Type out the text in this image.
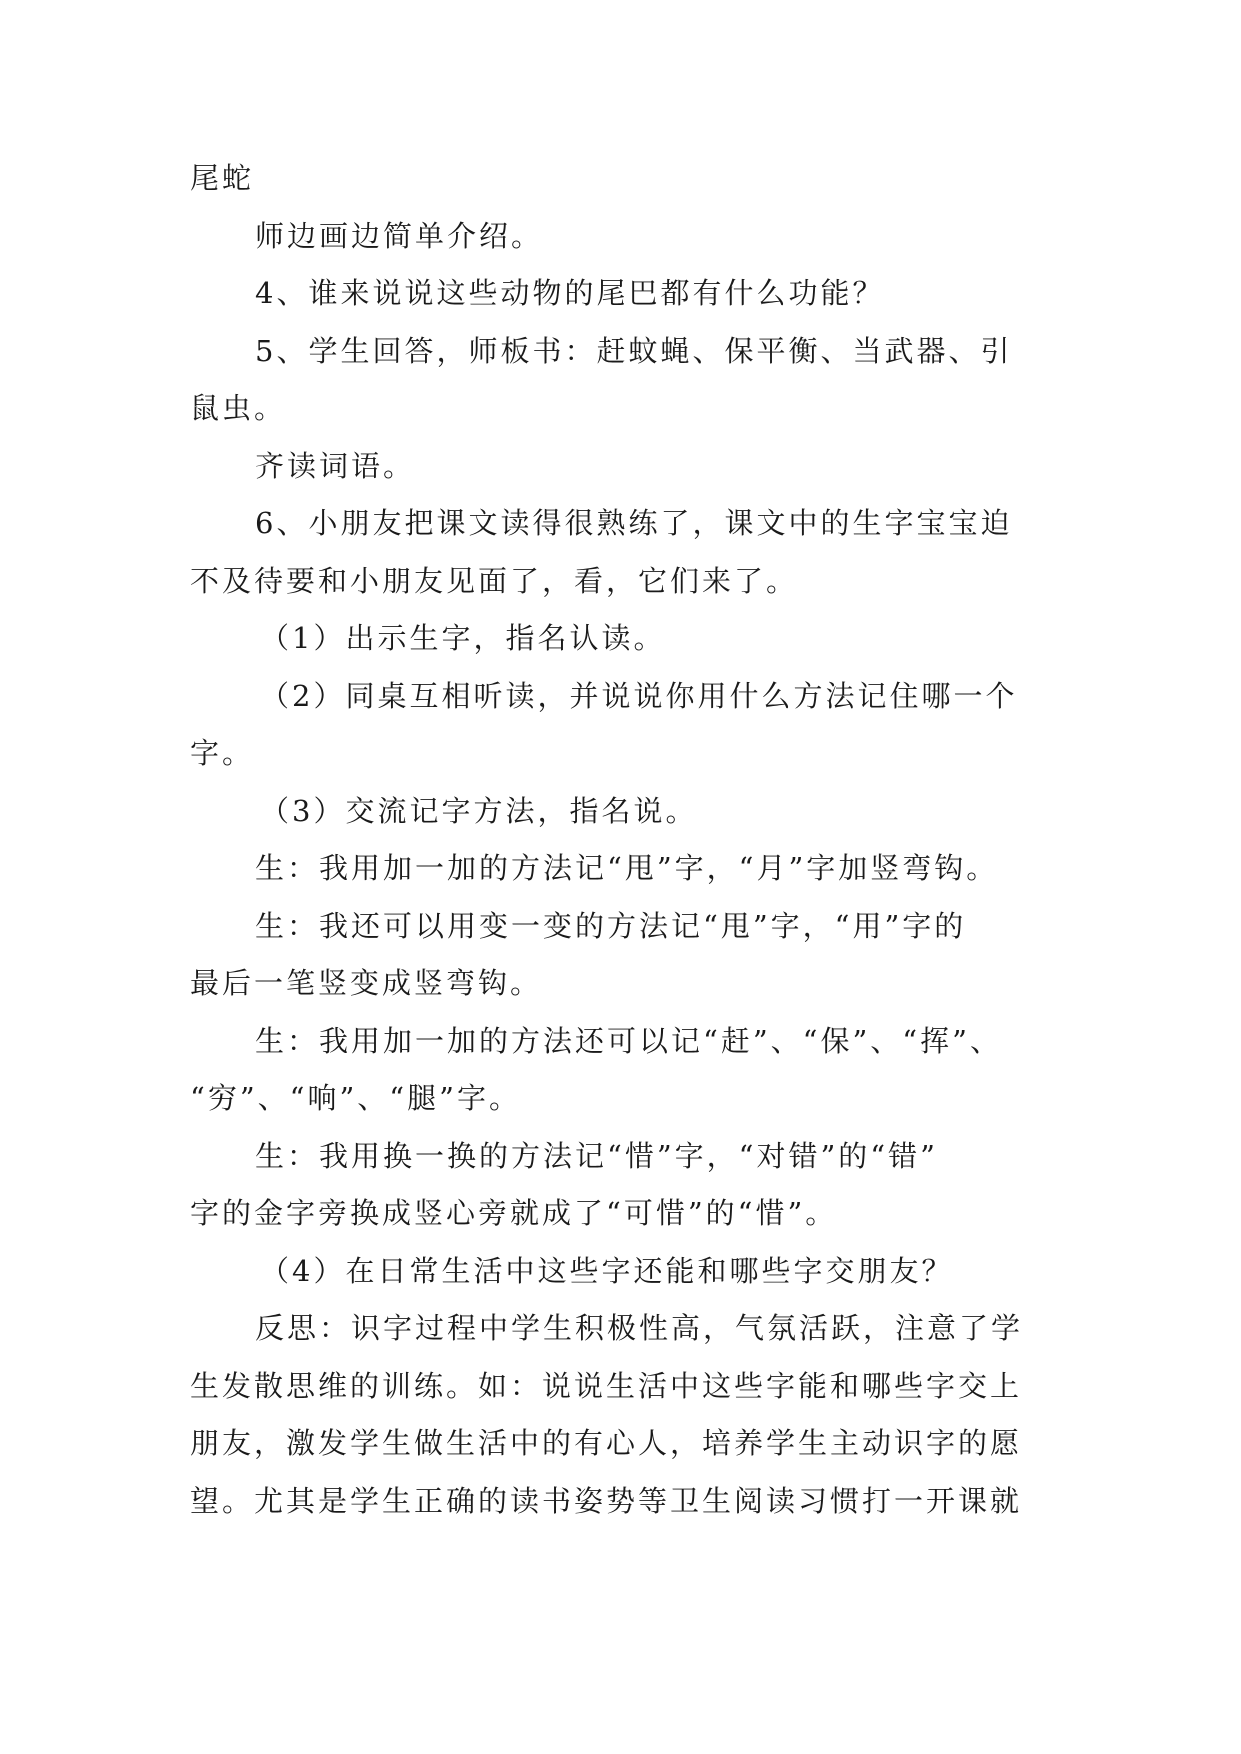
尾蛇
师边画边简单介绍。
4、谁来说说这些动物的尾巴都有什么功能？
5、学生回答，师板书：赶蚊蝇、保平衡、当武器、引
鼠虫。
齐读词语。
6、小朋友把课文读得很熟练了，课文中的生字宝宝迫
不及待要和小朋友见面了，看，它们来了。
（1）出示生字，指名认读。
（2）同桌互相听读，并说说你用什么方法记住哪一个
字。
（3）交流记字方法，指名说。
生：我用加一加的方法记“甩”字，“月”字加竖弯钩。
生：我还可以用变一变的方法记“甩”字，“用”字的
最后一笔竖变成竖弯钩。
生：我用加一加的方法还可以记“赶”、“保”、“挥”、
“穷”、“响”、“腿”字。
生：我用换一换的方法记“惜”字，“对错”的“错”
字的金字旁换成竖心旁就成了“可惜”的“惜”。
（4）在日常生活中这些字还能和哪些字交朋友？
反思：识字过程中学生积极性高，气氛活跃，注意了学
生发散思维的训练。如：说说生活中这些字能和哪些字交上
朋友，激发学生做生活中的有心人，培养学生主动识字的愿
望。尤其是学生正确的读书姿势等卫生阅读习惯打一开课就
